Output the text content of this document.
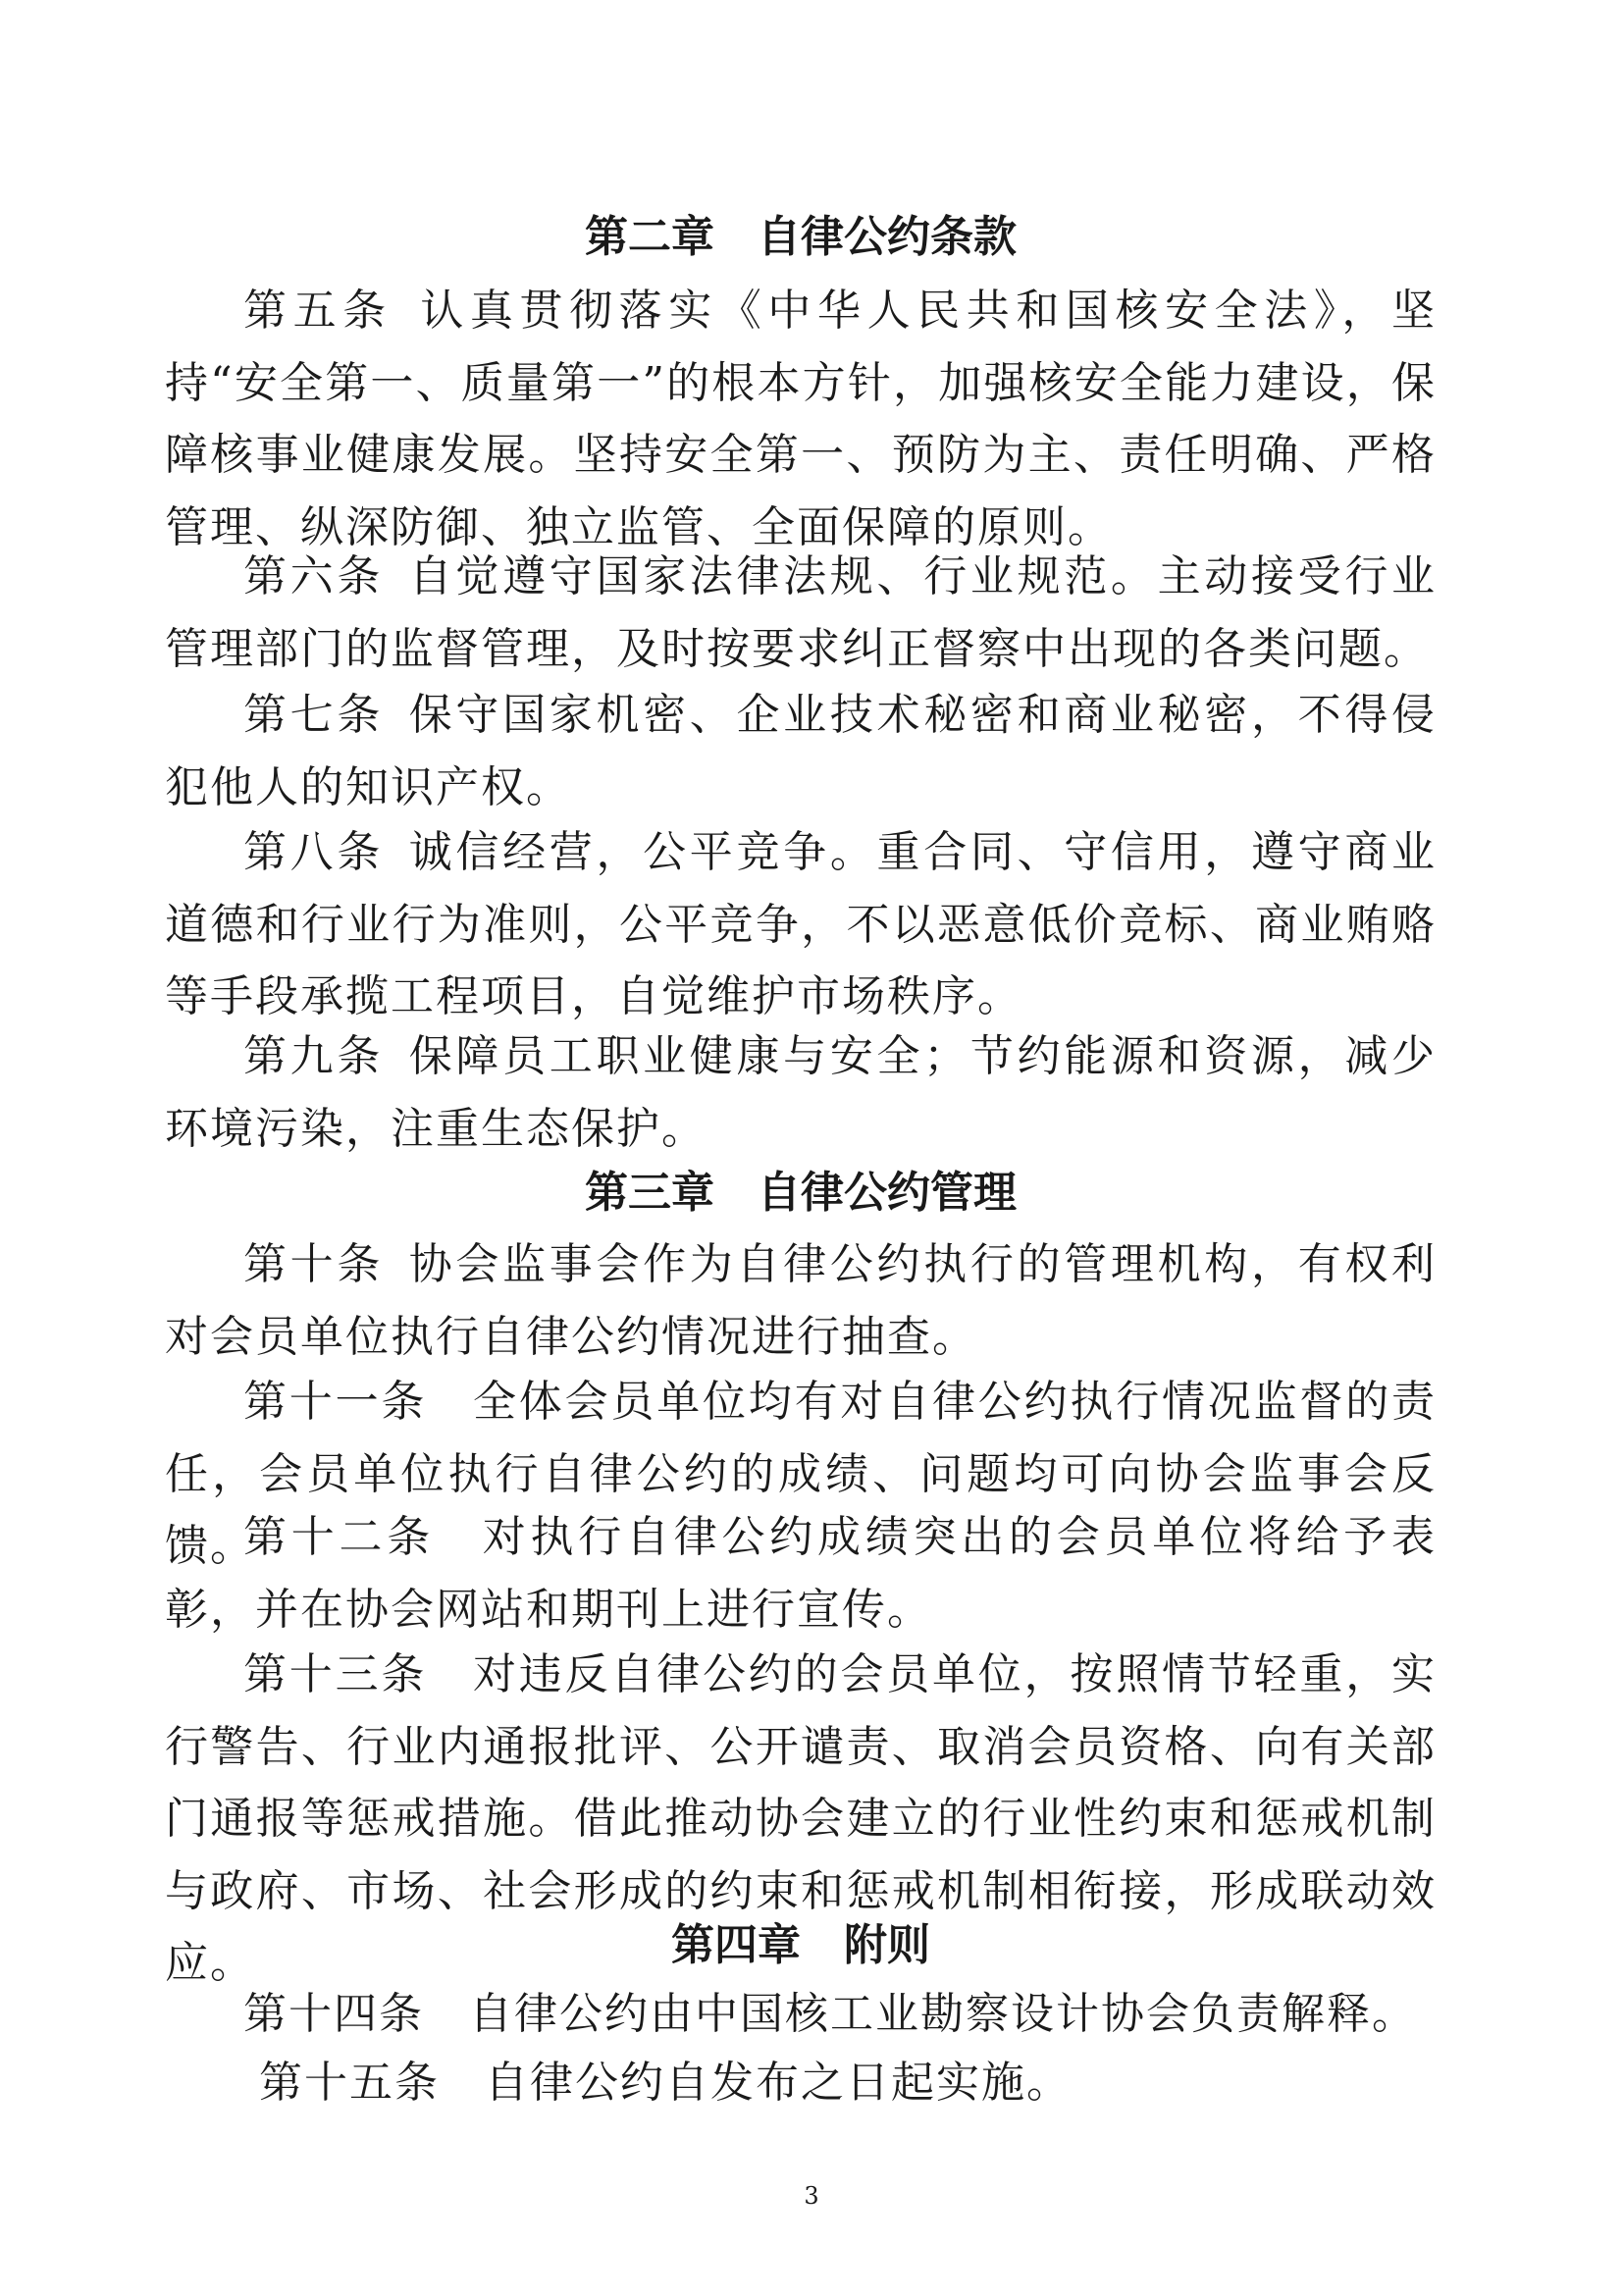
第二章　自律公约条款

第五条 认真贯彻落实《中华人民共和国核安全法》，坚持“安全第一、质量第一”的根本方针，加强核安全能力建设，保障核事业健康发展。坚持安全第一、预防为主、责任明确、严格管理、纵深防御、独立监管、全面保障的原则。

第六条 自觉遵守国家法律法规、行业规范。主动接受行业管理部门的监督管理，及时按要求纠正督察中出现的各类问题。

第七条 保守国家机密、企业技术秘密和商业秘密，不得侵犯他人的知识产权。

第八条 诚信经营，公平竞争。重合同、守信用，遵守商业道德和行业行为准则，公平竞争，不以恶意低价竞标、商业贿赂等手段承揽工程项目，自觉维护市场秩序。

第九条 保障员工职业健康与安全；节约能源和资源，减少环境污染，注重生态保护。

第三章　自律公约管理

第十条 协会监事会作为自律公约执行的管理机构，有权利对会员单位执行自律公约情况进行抽查。

第十一条 全体会员单位均有对自律公约执行情况监督的责任，会员单位执行自律公约的成绩、问题均可向协会监事会反馈。

第十二条 对执行自律公约成绩突出的会员单位将给予表彰，并在协会网站和期刊上进行宣传。

第十三条 对违反自律公约的会员单位，按照情节轻重，实行警告、行业内通报批评、公开谴责、取消会员资格、向有关部门通报等惩戒措施。借此推动协会建立的行业性约束和惩戒机制与政府、市场、社会形成的约束和惩戒机制相衔接，形成联动效应。	第四章　附则

第十四条 自律公约由中国核工业勘察设计协会负责解释。

第十五条 自律公约自发布之日起实施。

3
